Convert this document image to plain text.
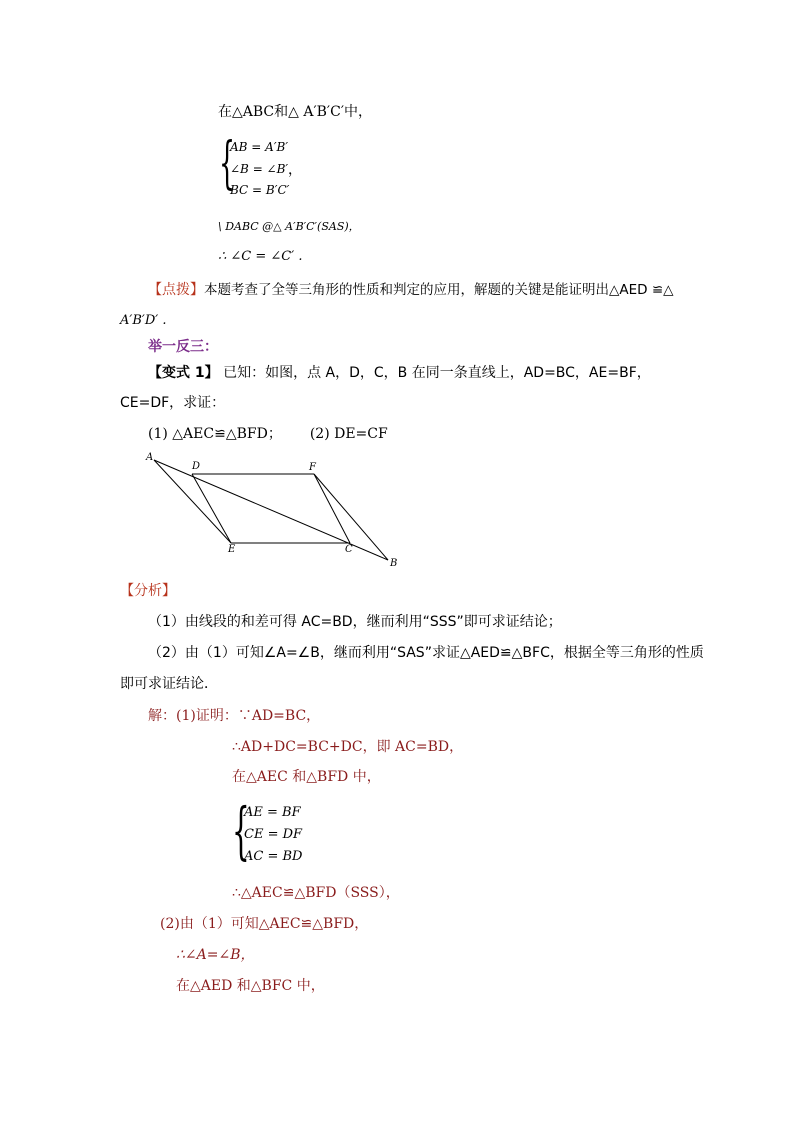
在△ABC和△ A′B′C′中，
{
AB = A′B′
∠B = ∠B′ ，
BC = B′C′
\ DABC @△ A′B′C′(SAS)，
∴ ∠C = ∠C′ .
【点拨】本题考查了全等三角形的性质和判定的应用，解题的关键是能证明出△AED ≌△
A′B′D′ .
举一反三：
【变式 1】 已知：如图，点 A，D，C，B 在同一条直线上，AD=BC，AE=BF，
CE=DF，求证：
(1) △AEC≌△BFD； (2) DE=CF
A
D	F
E	C
B
【分析】
（1）由线段的和差可得 AC=BD，继而利用“SSS”即可求证结论；
（2）由（1）可知∠A=∠B，继而利用“SAS”求证△AED≌△BFC，根据全等三角形的性质
即可求证结论．
解：(1)证明：∵AD=BC，
∴AD+DC=BC+DC，即 AC=BD，
在△AEC 和△BFD 中，
{
AE = BF
CE = DF
AC = BD
∴△AEC≌△BFD（SSS），
(2)由（1）可知△AEC≌△BFD，
∴∠A=∠B，
在△AED 和△BFC 中，
